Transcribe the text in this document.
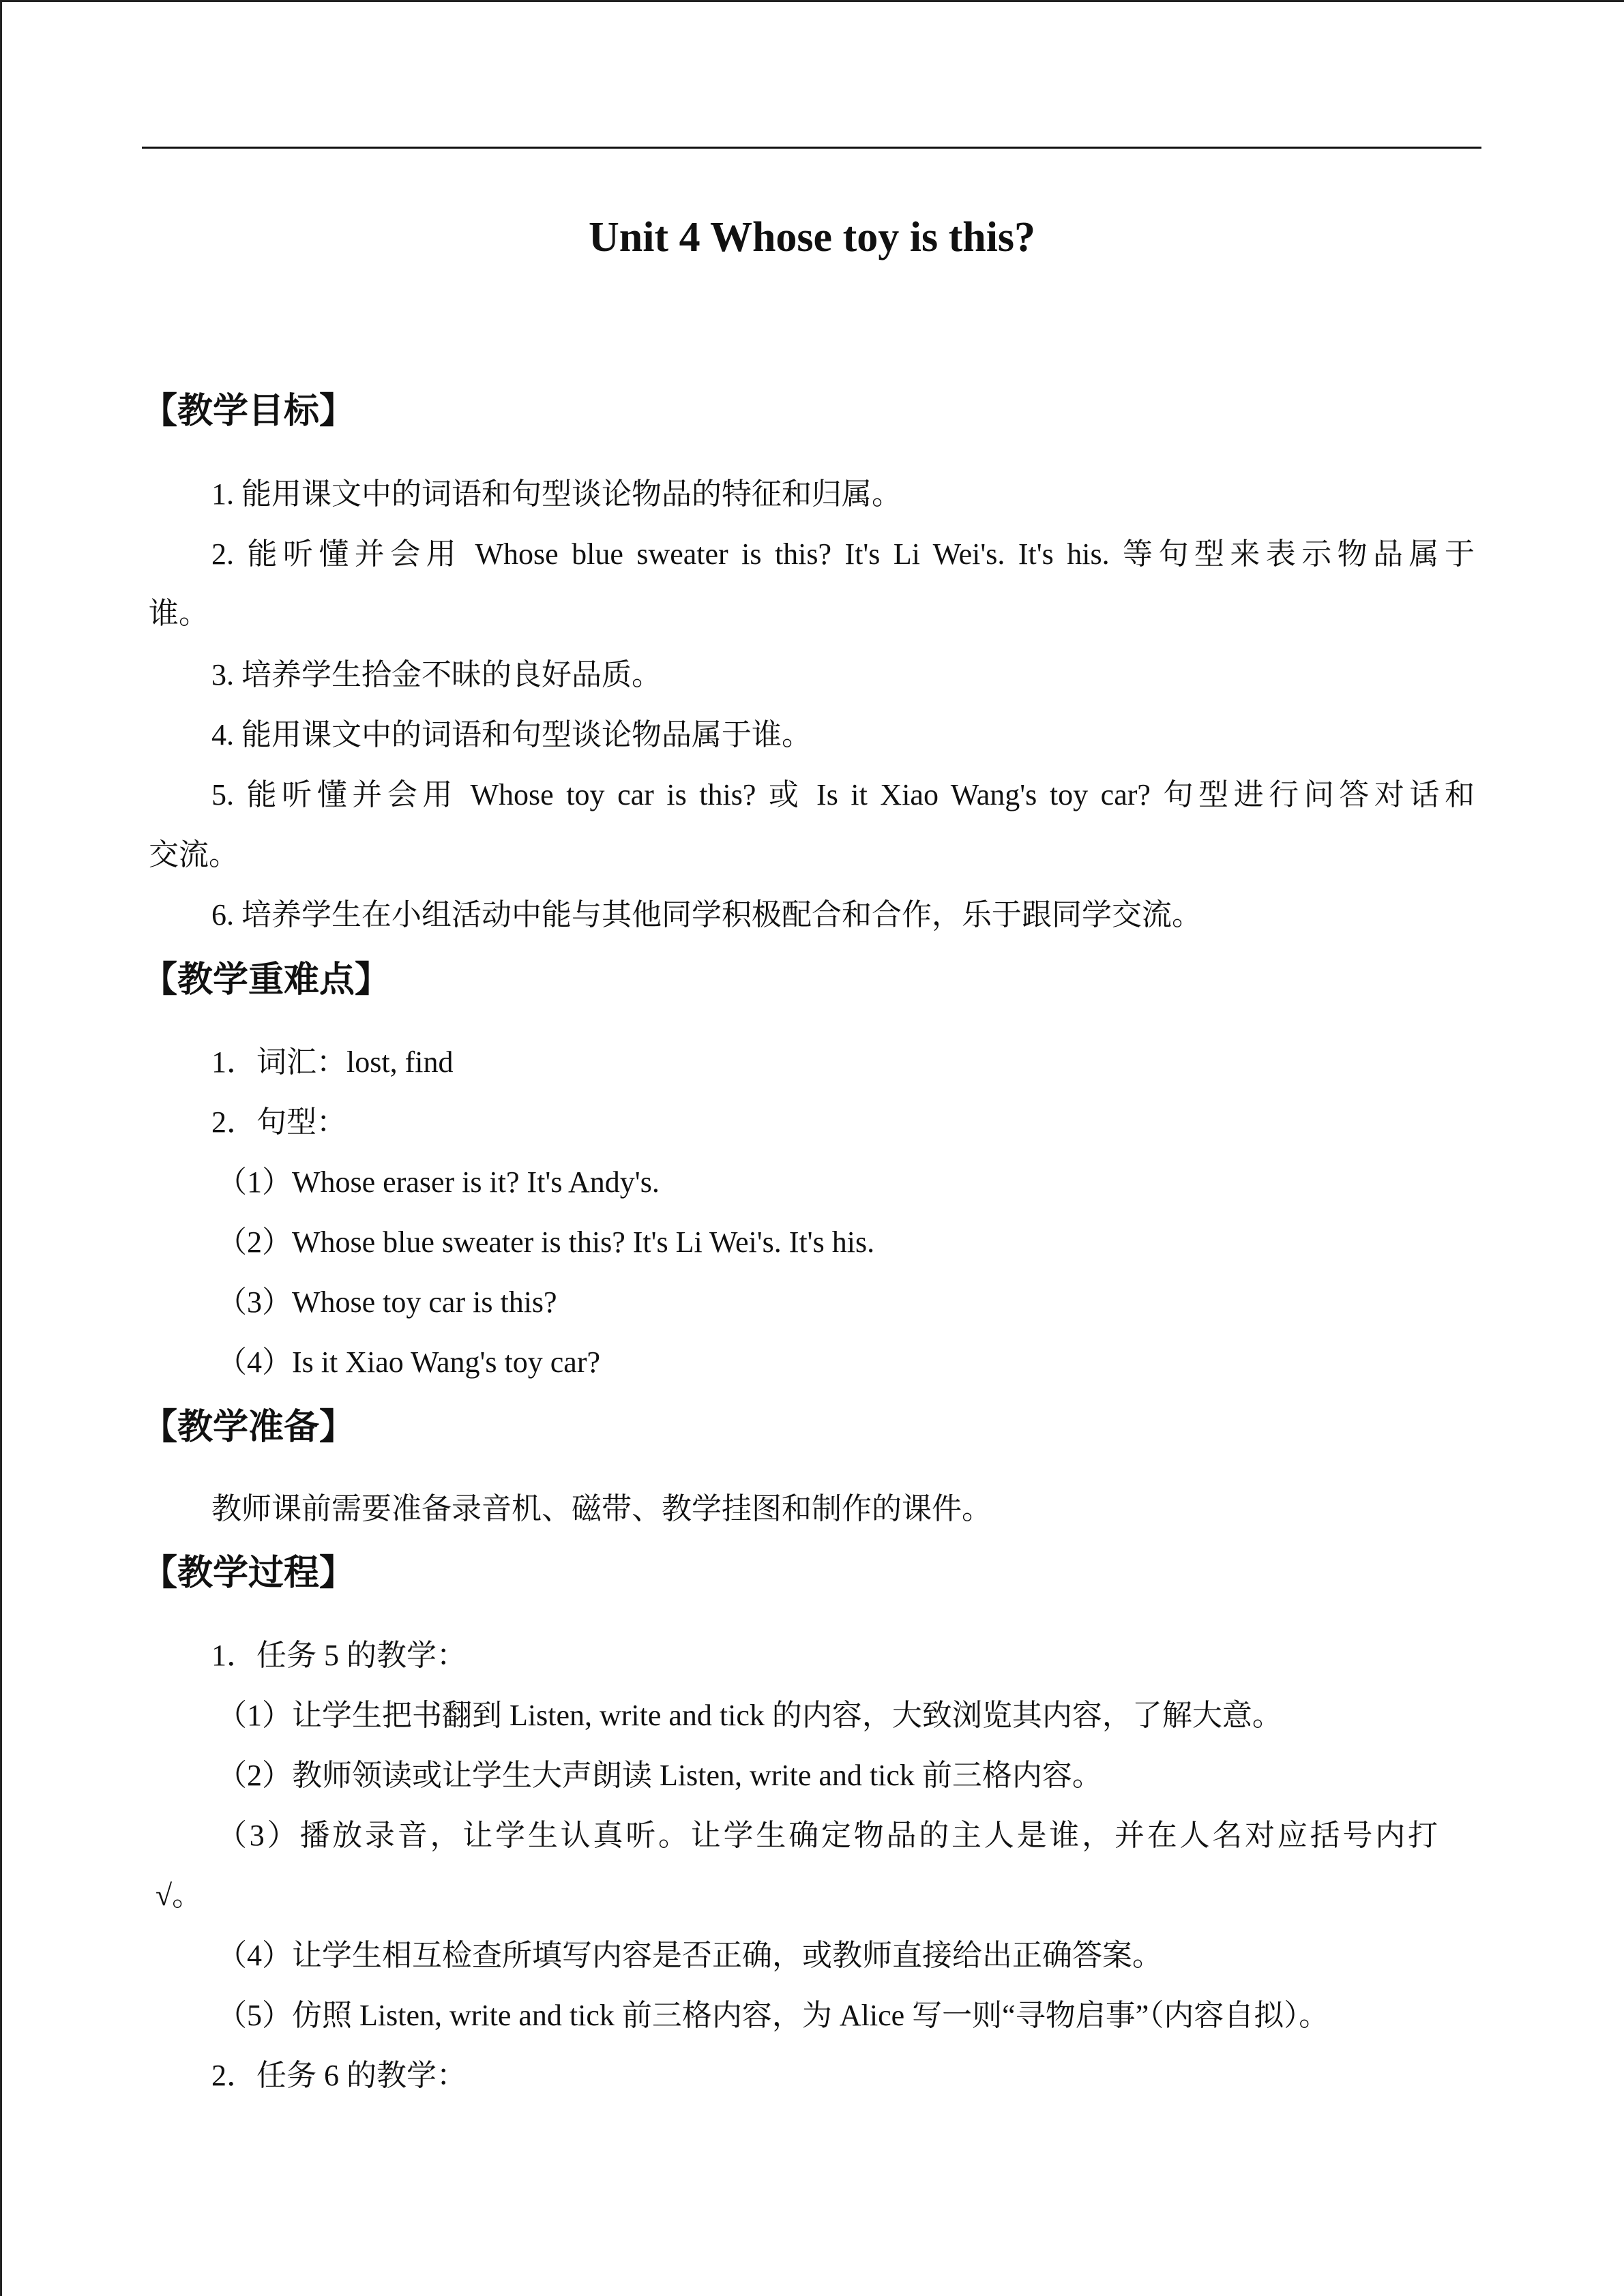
Unit 4 Whose toy is this?
【教学目标】
1. 能用课文中的词语和句型谈论物品的特征和归属。
2. 能听懂并会用 Whose blue sweater is this? It's Li Wei's. It's his. 等句型来表示物品属于
谁。
3. 培养学生拾金不昧的良好品质。
4. 能用课文中的词语和句型谈论物品属于谁。
5. 能听懂并会用 Whose toy car is this? 或 Is it Xiao Wang's toy car? 句型进行问答对话和
交流。
6. 培养学生在小组活动中能与其他同学积极配合和合作，乐于跟同学交流。
【教学重难点】
1．词汇：lost, find
2．句型：
（1）Whose eraser is it? It's Andy's.
（2）Whose blue sweater is this? It's Li Wei's. It's his.
（3）Whose toy car is this?
（4）Is it Xiao Wang's toy car?
【教学准备】
教师课前需要准备录音机、磁带、教学挂图和制作的课件。
【教学过程】
1．任务 5 的教学：
（1）让学生把书翻到 Listen, write and tick 的内容，大致浏览其内容，了解大意。
（2）教师领读或让学生大声朗读 Listen, write and tick 前三格内容。
（3）播放录音，让学生认真听。让学生确定物品的主人是谁，并在人名对应括号内打
√。
（4）让学生相互检查所填写内容是否正确，或教师直接给出正确答案。
（5）仿照 Listen, write and tick 前三格内容，为 Alice 写一则“寻物启事”（内容自拟）。
2．任务 6 的教学：
